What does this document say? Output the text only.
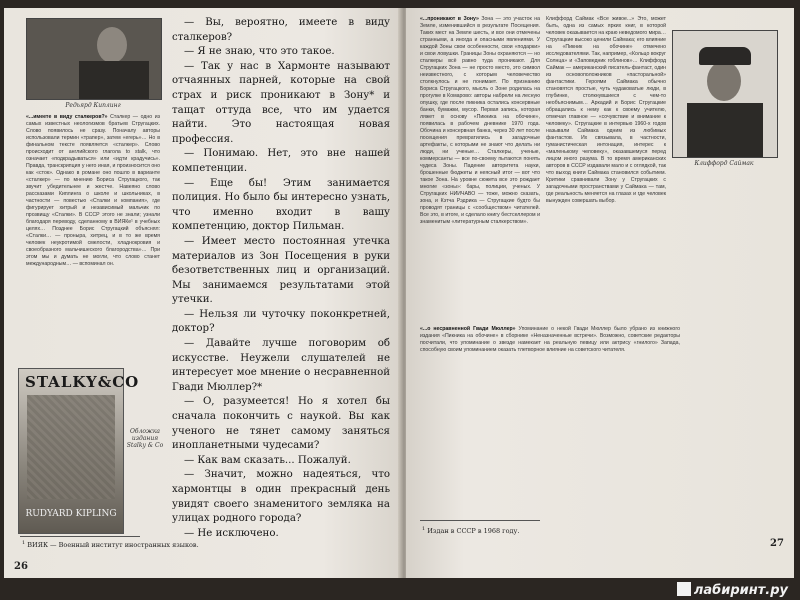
Редьярд Киплинг
«...имеете в виду сталкеров?» Сталкер — одно из самых известных неологизмов братьев Стругацких. Слово появилось не сразу. Поначалу авторы использовали термин «трапер», затем «егерь»… Но в финальном тексте появляется «сталкер». Слово происходит от английского глагола to stalk, что означает «подкрадываться» или «идти крадучись». Правда, транскрипция у него иная, и произносится оно как «сток». Однако в романе оно пошло в варианте «сталкер» — по мнению Бориса Стругацкого, так звучит убедительнее и жестче. Навеяно слово рассказами Киплинга о школе и школьниках, в частности — повестью «Сталки и компания», где фигурирует хитрый и независимый мальчик по прозвищу «Сталки». В СССР этого не знали; узнали благодаря переводу, сделанному в ВИЯКе¹ в учебных целях… Позднее Борис Стругацкий объяснял: «Сталки… — проныра, хитрец, и в то же время человек неукротимой смелости, хладнокровия и своеобразного мальчишеского благородства»… При этом мы и думать не могли, что слово станет международным… — вспоминал он.
STALKY&CO
RUDYARD KIPLING
Обложка издания Stalky & Co

— Вы, вероятно, имеете в виду сталкеров?

— Я не знаю, что это такое.

— Так у нас в Хармонте называют отчаянных парней, которые на свой страх и риск проникают в Зону* и тащат оттуда все, что им удается найти. Это настоящая новая профессия.

— Понимаю. Нет, это вне нашей компетенции.

— Еще бы! Этим занимается полиция. Но было бы интересно узнать, что именно входит в вашу компетенцию, доктор Пильман.

— Имеет место постоянная утечка материалов из Зон Посещения в руки безответственных лиц и организаций. Мы занимаемся результатами этой утечки.

— Нельзя ли чуточку поконкретней, доктор?

— Давайте лучше поговорим об искусстве. Неужели слушателей не интересует мое мнение о несравненной Гвади Мюллер?*

— О, разумеется! Но я хотел бы сначала покончить с наукой. Вы как ученого не тянет самому заняться инопланетными чудесами?

— Как вам сказать... Пожалуй.

— Значит, можно надеяться, что хармонтцы в один прекрасный день увидят своего знаменитого земляка на улицах родного города?

— Не исключено.

$^1$ ВИЯК — Военный институт иностранных языков.
26
«...проникают в Зону» Зона — это участок на Земле, изменившийся в результате Посещения. Таких мест на Земле шесть, и все они отмечены странными, а иногда и опасными явлениями. У каждой Зоны свои особенности, свои «подарки» и свои ловушки. Границы Зоны охраняются — но сталкеры всё равно туда проникают. Для Стругацких Зона — не просто место, это символ неизвестного, с которым человечество столкнулось и не понимает. По признанию Бориса Стругацкого, мысль о Зоне родилась на прогулке в Комарово: авторы набрели на лесную опушку, где после пикника остались консервные банки, бумажки, мусор. Первая запись, которая ляжет в основу «Пикника на обочине», появилась в рабочем дневнике 1970 года. Обочина и консервная банка, через 30 лет после посещения превратились в загадочные артефакты, с которыми не знают что делать ни люди, ни ученые… Сталкеры, ученые, коммерсанты — все по-своему пытаются понять чудеса Зоны. Падение авторитета науки, брошенные бюджеты и неясный итог — вот что такое Зона. На уровне сюжета все это рождает многие «зоны»: бары, полиции, ученых. У Стругацких НИИЧАВО — тоже, можно сказать, зона, и Кэтча Рэдрика — Стругацкие будто бы проводят границы с «сообществом» читателей. Все это, в итоге, и сделало книгу бестселлером и знаменитым «литературным сталкерством».
Клиффорд Саймак «Все живое...» Это, может быть, одна из самых ярких книг, в которой человек оказывается на краю неведомого мира… Стругацкие высоко ценили Саймака; его влияние на «Пикник на обочине» отмечено исследователями. Так, например, «Кольцо вокруг Солнца» и «Заповедник гоблинов»… Клиффорд Саймак — американский писатель-фантаст, один из основоположников «пасторальной» фантастики. Героями Саймака обычно становятся простые, чуть чудаковатые люди, в глубинке, столкнувшиеся с чем-то необъяснимым… Аркадий и Борис Стругацкие обращались к нему как к своему учителю, отмечая главное — «сочувствие и внимание к человеку». Стругацкие в интервью 1960-х годов называли Саймака одним из любимых фантастов. Их связывала, в частности, гуманистическая интонация, интерес к «маленькому человеку», оказавшемуся перед лицом иного разума. В то время американских авторов в СССР издавали мало и с оглядкой, так что выход книги Саймака становился событием. Критики сравнивали Зону у Стругацких с загадочными пространствами у Саймака — там, где реальность меняется на глазах и где человек вынужден совершать выбор.
Клиффорд Саймак
«...о несравненной Гвади Мюллер» Упоминание о некой Гвади Мюллер было убрано из книжного издания «Пикника на обочине» в сборнике «Неназначенные встречи». Возможно, советские редакторы посчитали, что упоминание о звезде намекает на реальную певицу или актрису «гнилого» Запада, способную своим упоминанием оказать тлетворное влияние на советского читателя.
$^1$ Издан в СССР в 1968 году.
27
лабиринт.ру
